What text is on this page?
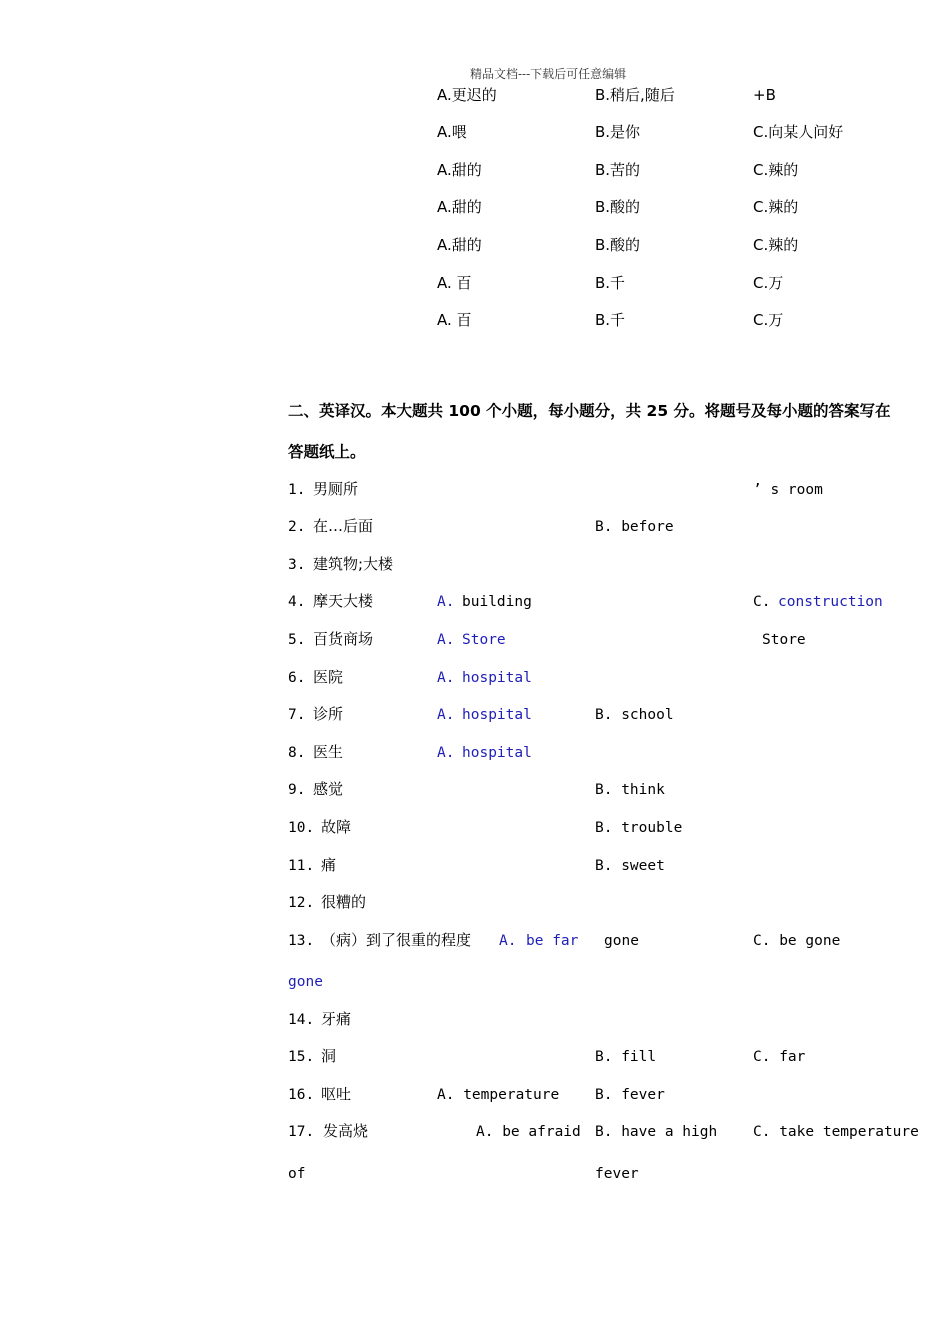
精品文档---下载后可任意编辑
A.更迟的	B.稍后,随后	+B
A.喂	B.是你	C.向某人问好
A.甜的	B.苦的	C.辣的
A.甜的	B.酸的	C.辣的
A.甜的	B.酸的	C.辣的
A. 百	B.千	C.万
A. 百	B.千	C.万
二、英译汉。本大题共 100 个小题，每小题分，共 25 分。将题号及每小题的答案写在
答题纸上。
1. 男厕所	’ s room
2. 在…后面	B. before
3. 建筑物;大楼
4. 摩天大楼	A. building	C. construction
5. 百货商场	A. Store	Store
6. 医院	A. hospital
7. 诊所	A. hospital	B. school
8. 医生	A. hospital
9. 感觉	B. think
10. 故障	B. trouble
11. 痛	B. sweet
12. 很糟的
13. （病）到了很重的程度 A. be far gone	C. be gone
gone
14. 牙痛
15. 洞	B. fill	C. far
16. 呕吐	A. temperature B. fever
17. 发高烧	A. be afraid B. have a high C. take temperature
of	fever
